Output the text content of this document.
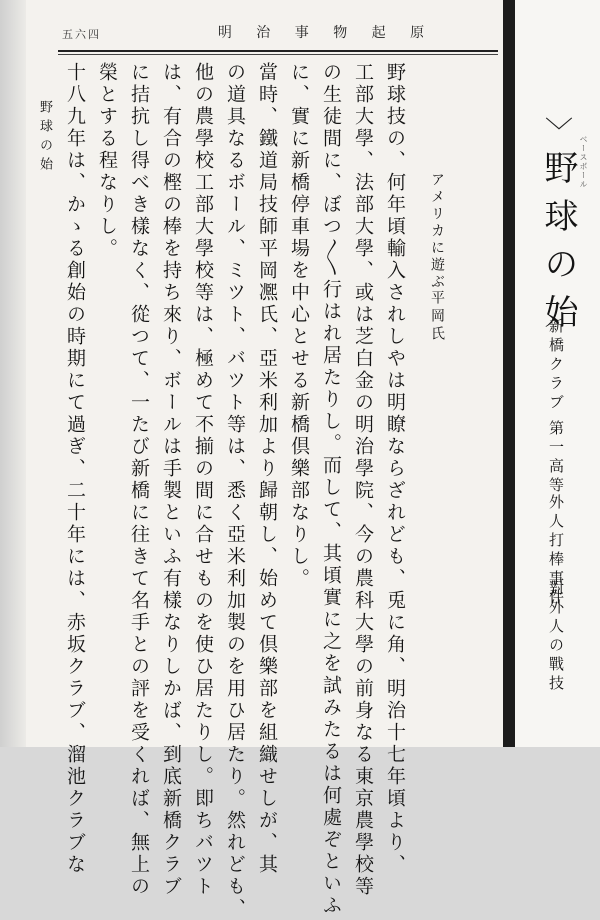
五六四	明 治 事 物 起 原
野球の始
アメリカに遊ぶ
平岡氏
野球技の、何年頃輸入されしやは明瞭ならざれども、兎に角、明治十七年頃より、
工部大學、法部大學、或は芝白金の明治學院、今の農科大學の前身なる東京農學校等
の生徒間に、ぼつ〳〵行はれ居たりし。而して、其頃實に之を試みたるは何處ぞといふ
に、實に新橋停車場を中心とせる新橋倶樂部なりし。
當時、鐵道局技師平岡凞氏、亞米利加より歸朝し、始めて倶樂部を組織せしが、其
の道具なるボール、ミツト、バツト等は、悉く亞米利加製のを用ひ居たり。然れども、
他の農學校工部大學校等は、極めて不揃の間に合せものを使ひ居たりし。即ちバツト
は、有合の樫の棒を持ち來り、ボールは手製といふ有樣なりしかば、到底新橋クラブ
に拮抗し得べき樣なく、從つて、一たび新橋に往きて名手との評を受くれば、無上の
榮とする程なりし。
十八九年は、かゝる創始の時期にて過ぎ、二十年には、赤坂クラブ、溜池クラブな	﹀
ベースボール
野球の始
新橋クラブ
第一高等
外人打棒事件
對外人の戰技
